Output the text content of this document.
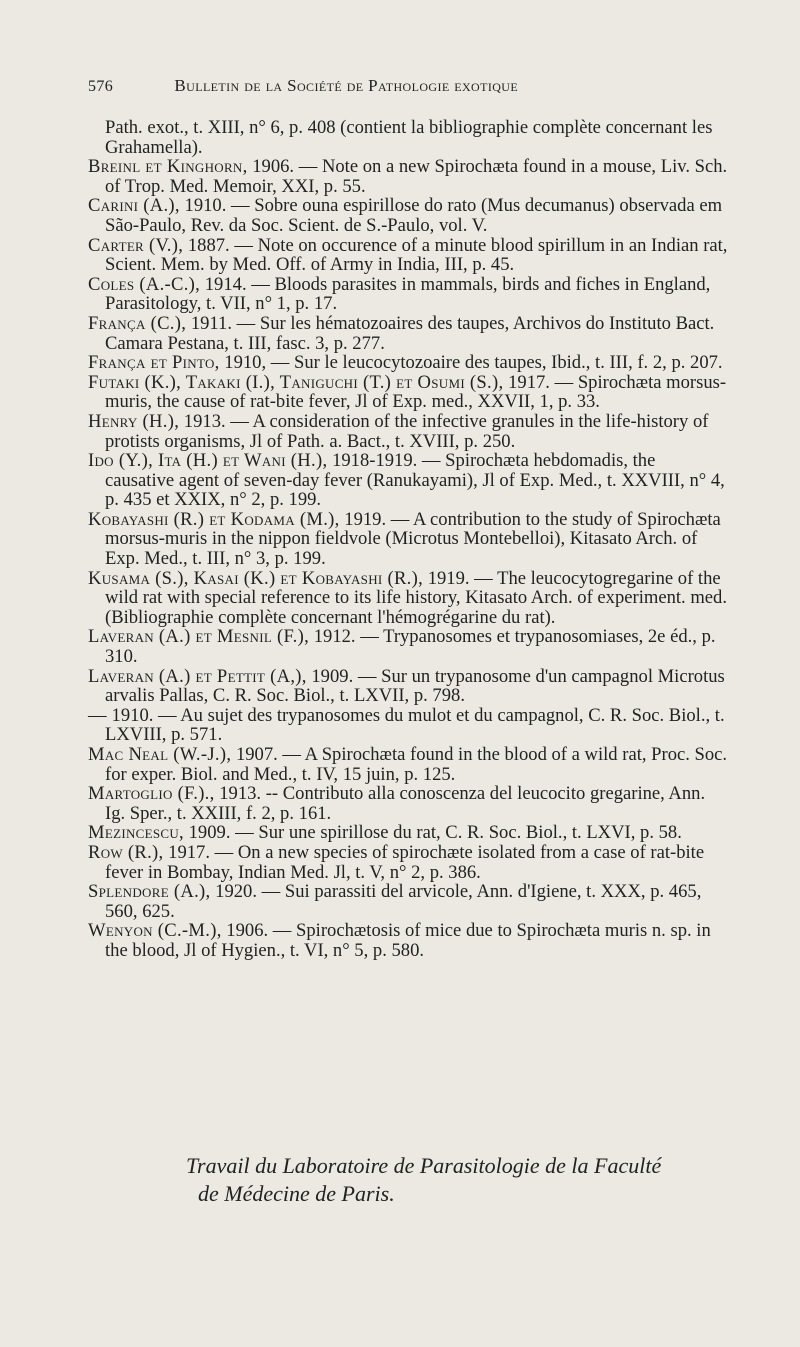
576	Bulletin de la Société de Pathologie exotique

Path. exot., t. XIII, n° 6, p. 408 (contient la bibliographie complète concernant les Grahamella).

Breinl et Kinghorn, 1906. — Note on a new Spirochæta found in a mouse, Liv. Sch. of Trop. Med. Memoir, XXI, p. 55.

Carini (A.), 1910. — Sobre ouna espirillose do rato (Mus decumanus) observada em São-Paulo, Rev. da Soc. Scient. de S.-Paulo, vol. V.

Carter (V.), 1887. — Note on occurence of a minute blood spirillum in an Indian rat, Scient. Mem. by Med. Off. of Army in India, III, p. 45.

Coles (A.-C.), 1914. — Bloods parasites in mammals, birds and fiches in England, Parasitology, t. VII, n° 1, p. 17.

França (C.), 1911. — Sur les hématozoaires des taupes, Archivos do Instituto Bact. Camara Pestana, t. III, fasc. 3, p. 277.

França et Pinto, 1910, — Sur le leucocytozoaire des taupes, Ibid., t. III, f. 2, p. 207.

Futaki (K.), Takaki (I.), Taniguchi (T.) et Osumi (S.), 1917. — Spirochæta morsus-muris, the cause of rat-bite fever, Jl of Exp. med., XXVII, 1, p. 33.

Henry (H.), 1913. — A consideration of the infective granules in the life-history of protists organisms, Jl of Path. a. Bact., t. XVIII, p. 250.

Ido (Y.), Ita (H.) et Wani (H.), 1918-1919. — Spirochæta hebdomadis, the causative agent of seven-day fever (Ranukayami), Jl of Exp. Med., t. XXVIII, n° 4, p. 435 et XXIX, n° 2, p. 199.

Kobayashi (R.) et Kodama (M.), 1919. — A contribution to the study of Spirochæta morsus-muris in the nippon fieldvole (Microtus Montebelloi), Kitasato Arch. of Exp. Med., t. III, n° 3, p. 199.

Kusama (S.), Kasai (K.) et Kobayashi (R.), 1919. — The leucocytogregarine of the wild rat with special reference to its life history, Kitasato Arch. of experiment. med. (Bibliographie complète concernant l'hémogrégarine du rat).

Laveran (A.) et Mesnil (F.), 1912. — Trypanosomes et trypanosomiases, 2e éd., p. 310.

Laveran (A.) et Pettit (A,), 1909. — Sur un trypanosome d'un campagnol Microtus arvalis Pallas, C. R. Soc. Biol., t. LXVII, p. 798.

— 1910. — Au sujet des trypanosomes du mulot et du campagnol, C. R. Soc. Biol., t. LXVIII, p. 571.

Mac Neal (W.-J.), 1907. — A Spirochæta found in the blood of a wild rat, Proc. Soc. for exper. Biol. and Med., t. IV, 15 juin, p. 125.

Martoglio (F.)., 1913. -- Contributo alla conoscenza del leucocito gregarine, Ann. Ig. Sper., t. XXIII, f. 2, p. 161.

Mezincescu, 1909. — Sur une spirillose du rat, C. R. Soc. Biol., t. LXVI, p. 58.

Row (R.), 1917. — On a new species of spirochæte isolated from a case of rat-bite fever in Bombay, Indian Med. Jl, t. V, n° 2, p. 386.

Splendore (A.), 1920. — Sui parassiti del arvicole, Ann. d'Igiene, t. XXX, p. 465, 560, 625.

Wenyon (C.-M.), 1906. — Spirochætosis of mice due to Spirochæta muris n. sp. in the blood, Jl of Hygien., t. VI, n° 5, p. 580.

Travail du Laboratoire de Parasitologie de la Faculté
de Médecine de Paris.
